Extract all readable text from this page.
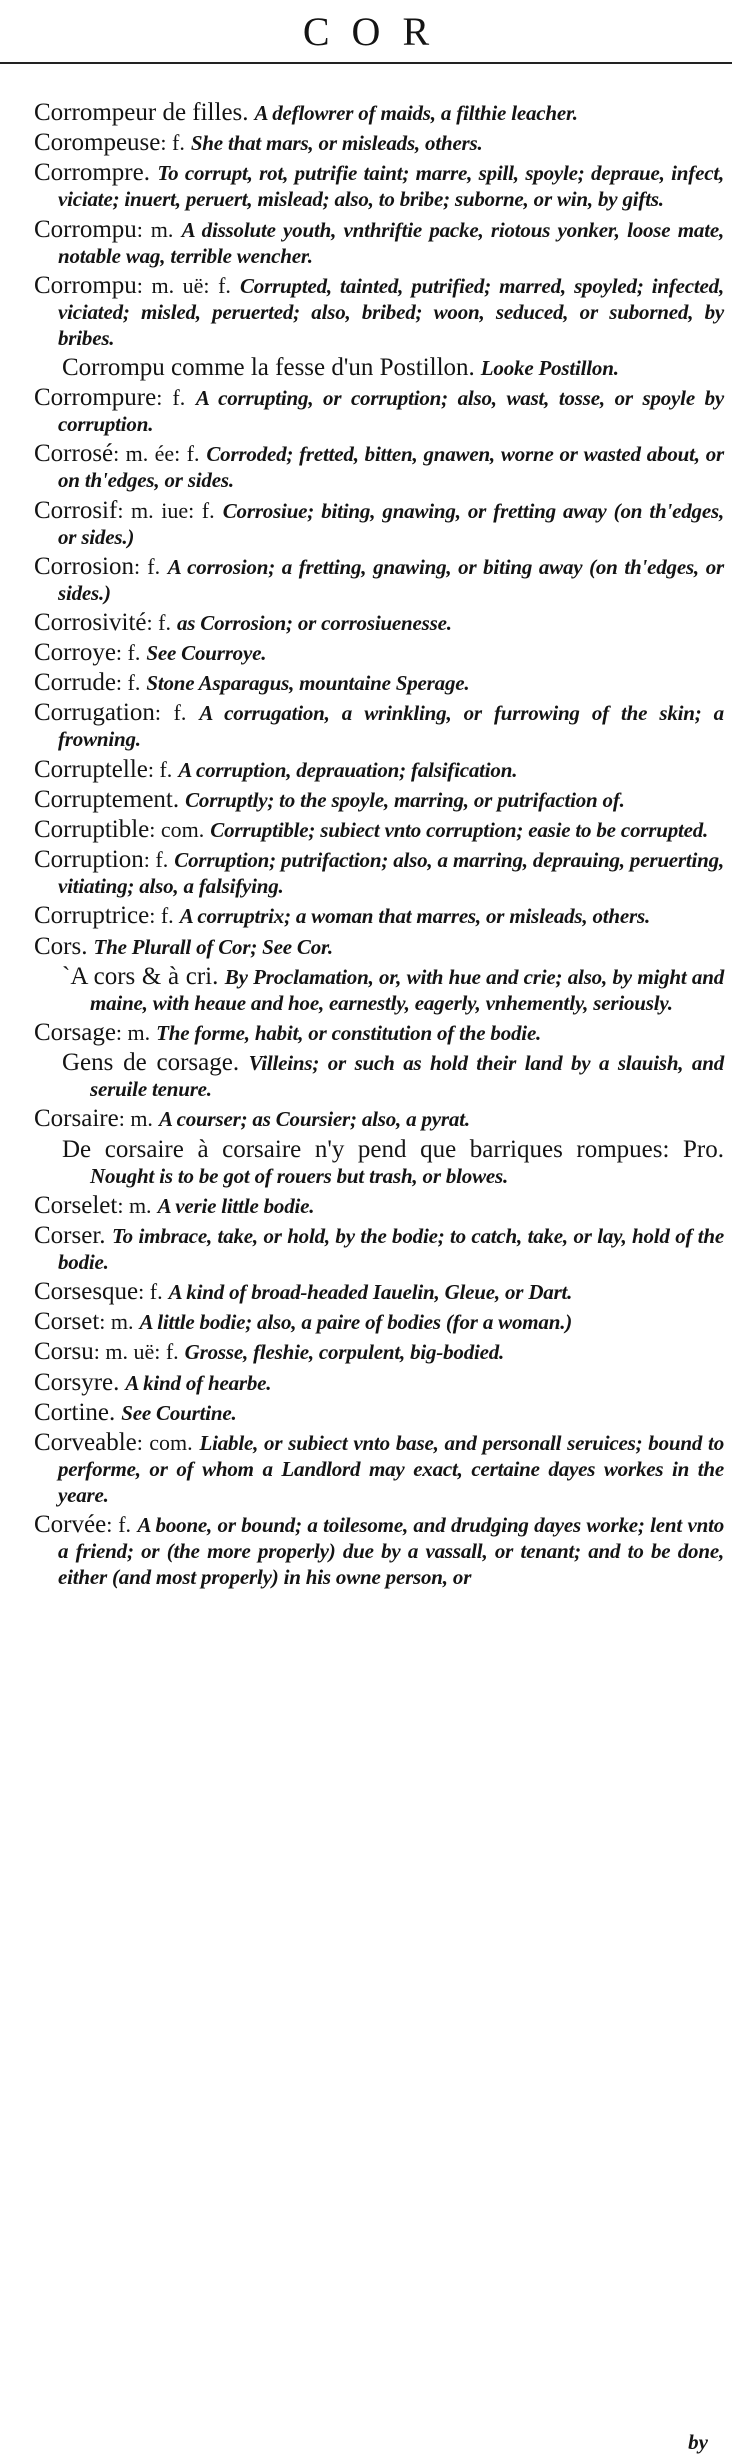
COR

Corrompeur de filles. A deflowrer of maids, a filthie leacher.

Corompeuse: f. She that mars, or misleads, others.

Corrompre. To corrupt, rot, putrifie taint; marre, spill, spoyle; depraue, infect, viciate; inuert, peruert, mislead; also, to bribe; suborne, or win, by gifts.

Corrompu: m. A dissolute youth, vnthriftie packe, riotous yonker, loose mate, notable wag, terrible wencher.

Corrompu: m. uë: f. Corrupted, tainted, putrified; marred, spoyled; infected, viciated; misled, peruerted; also, bribed; woon, seduced, or suborned, by bribes.

Corrompu comme la fesse d'un Postillon. Looke Postillon.

Corrompure: f. A corrupting, or corruption; also, wast, tosse, or spoyle by corruption.

Corrosé: m. ée: f. Corroded; fretted, bitten, gnawen, worne or wasted about, or on th'edges, or sides.

Corrosif: m. iue: f. Corrosiue; biting, gnawing, or fretting away (on th'edges, or sides.)

Corrosion: f. A corrosion; a fretting, gnawing, or biting away (on th'edges, or sides.)

Corrosivité: f. as Corrosion; or corrosiuenesse.

Corroye: f. See Courroye.

Corrude: f. Stone Asparagus, mountaine Sperage.

Corrugation: f. A corrugation, a wrinkling, or furrowing of the skin; a frowning.

Corruptelle: f. A corruption, deprauation; falsification.

Corruptement. Corruptly; to the spoyle, marring, or putrifaction of.

Corruptible: com. Corruptible; subiect vnto corruption; easie to be corrupted.

Corruption: f. Corruption; putrifaction; also, a marring, deprauing, peruerting, vitiating; also, a falsifying.

Corruptrice: f. A corruptrix; a woman that marres, or misleads, others.

Cors. The Plurall of Cor; See Cor.

`A cors & à cri. By Proclamation, or, with hue and crie; also, by might and maine, with heaue and hoe, earnestly, eagerly, vnhemently, seriously.

Corsage: m. The forme, habit, or constitution of the bodie.

Gens de corsage. Villeins; or such as hold their land by a slauish, and seruile tenure.

Corsaire: m. A courser; as Coursier; also, a pyrat.

De corsaire à corsaire n'y pend que barriques rompues: Pro. Nought is to be got of rouers but trash, or blowes.

Corselet: m. A verie little bodie.

Corser. To imbrace, take, or hold, by the bodie; to catch, take, or lay, hold of the bodie.

Corsesque: f. A kind of broad-headed Iauelin, Gleue, or Dart.

Corset: m. A little bodie; also, a paire of bodies (for a woman.)

Corsu: m. uë: f. Grosse, fleshie, corpulent, big-bodied.

Corsyre. A kind of hearbe.

Cortine. See Courtine.

Corveable: com. Liable, or subiect vnto base, and personall seruices; bound to performe, or of whom a Landlord may exact, certaine dayes workes in the yeare.

Corvée: f. A boone, or bound; a toilesome, and drudging dayes worke; lent vnto a friend; or (the more properly) due by a vassall, or tenant; and to be done, either (and most properly) in his owne person, or

by
